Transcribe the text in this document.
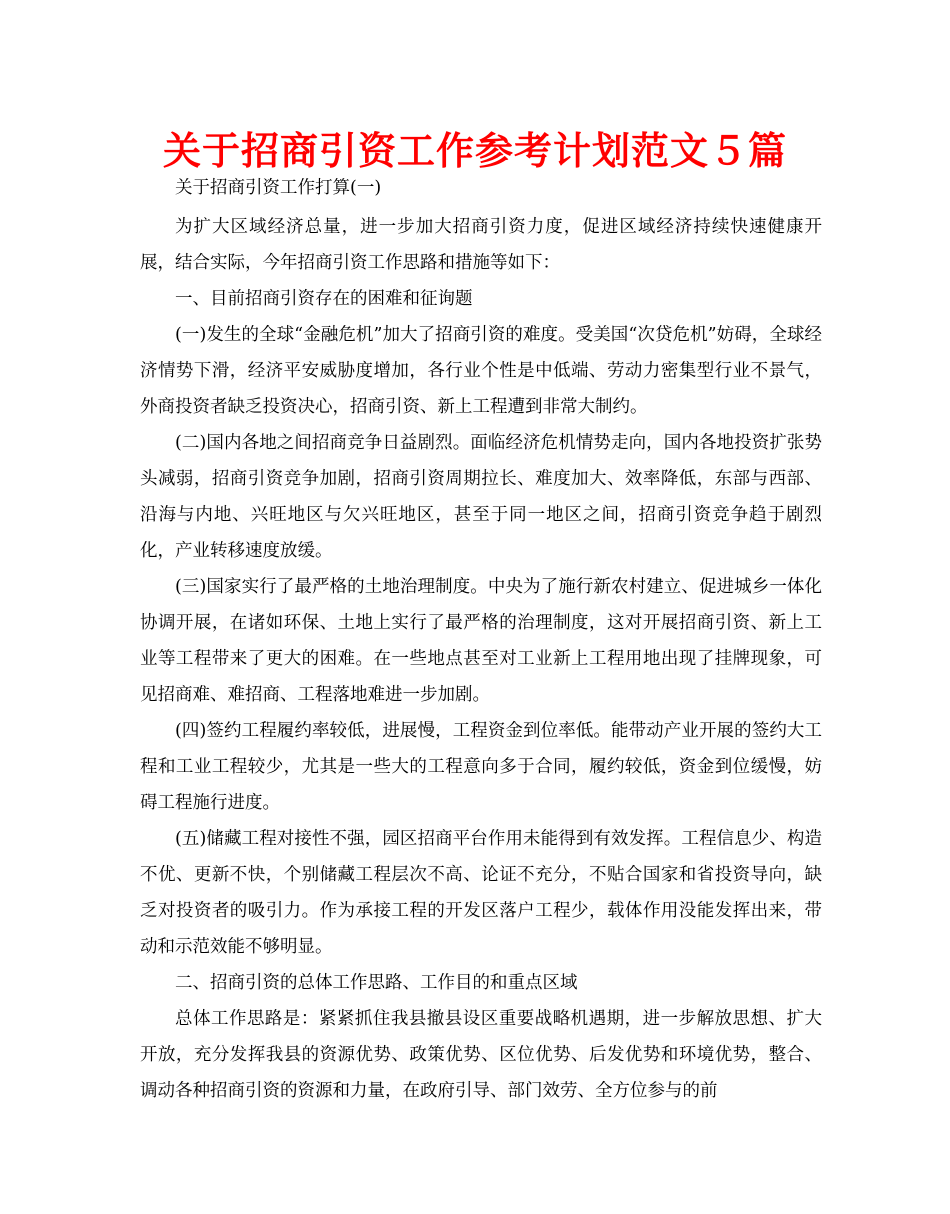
关于招商引资工作参考计划范文５篇

关于招商引资工作打算(一)

为扩大区域经济总量，进一步加大招商引资力度，促进区域经济持续快速健康开展，结合实际，今年招商引资工作思路和措施等如下：

一、目前招商引资存在的困难和征询题

(一)发生的全球“金融危机”加大了招商引资的难度。受美国“次贷危机”妨碍，全球经济情势下滑，经济平安威胁度增加，各行业个性是中低端、劳动力密集型行业不景气，外商投资者缺乏投资决心，招商引资、新上工程遭到非常大制约。

(二)国内各地之间招商竞争日益剧烈。面临经济危机情势走向，国内各地投资扩张势头减弱，招商引资竞争加剧，招商引资周期拉长、难度加大、效率降低，东部与西部、沿海与内地、兴旺地区与欠兴旺地区，甚至于同一地区之间，招商引资竞争趋于剧烈化，产业转移速度放缓。

(三)国家实行了最严格的土地治理制度。中央为了施行新农村建立、促进城乡一体化协调开展，在诸如环保、土地上实行了最严格的治理制度，这对开展招商引资、新上工业等工程带来了更大的困难。在一些地点甚至对工业新上工程用地出现了挂牌现象，可见招商难、难招商、工程落地难进一步加剧。

(四)签约工程履约率较低，进展慢，工程资金到位率低。能带动产业开展的签约大工程和工业工程较少，尤其是一些大的工程意向多于合同，履约较低，资金到位缓慢，妨碍工程施行进度。

(五)储藏工程对接性不强，园区招商平台作用未能得到有效发挥。工程信息少、构造不优、更新不快，个别储藏工程层次不高、论证不充分，不贴合国家和省投资导向，缺乏对投资者的吸引力。作为承接工程的开发区落户工程少，载体作用没能发挥出来，带动和示范效能不够明显。

二、招商引资的总体工作思路、工作目的和重点区域

总体工作思路是：紧紧抓住我县撤县设区重要战略机遇期，进一步解放思想、扩大开放，充分发挥我县的资源优势、政策优势、区位优势、后发优势和环境优势，整合、调动各种招商引资的资源和力量，在政府引导、部门效劳、全方位参与的前
